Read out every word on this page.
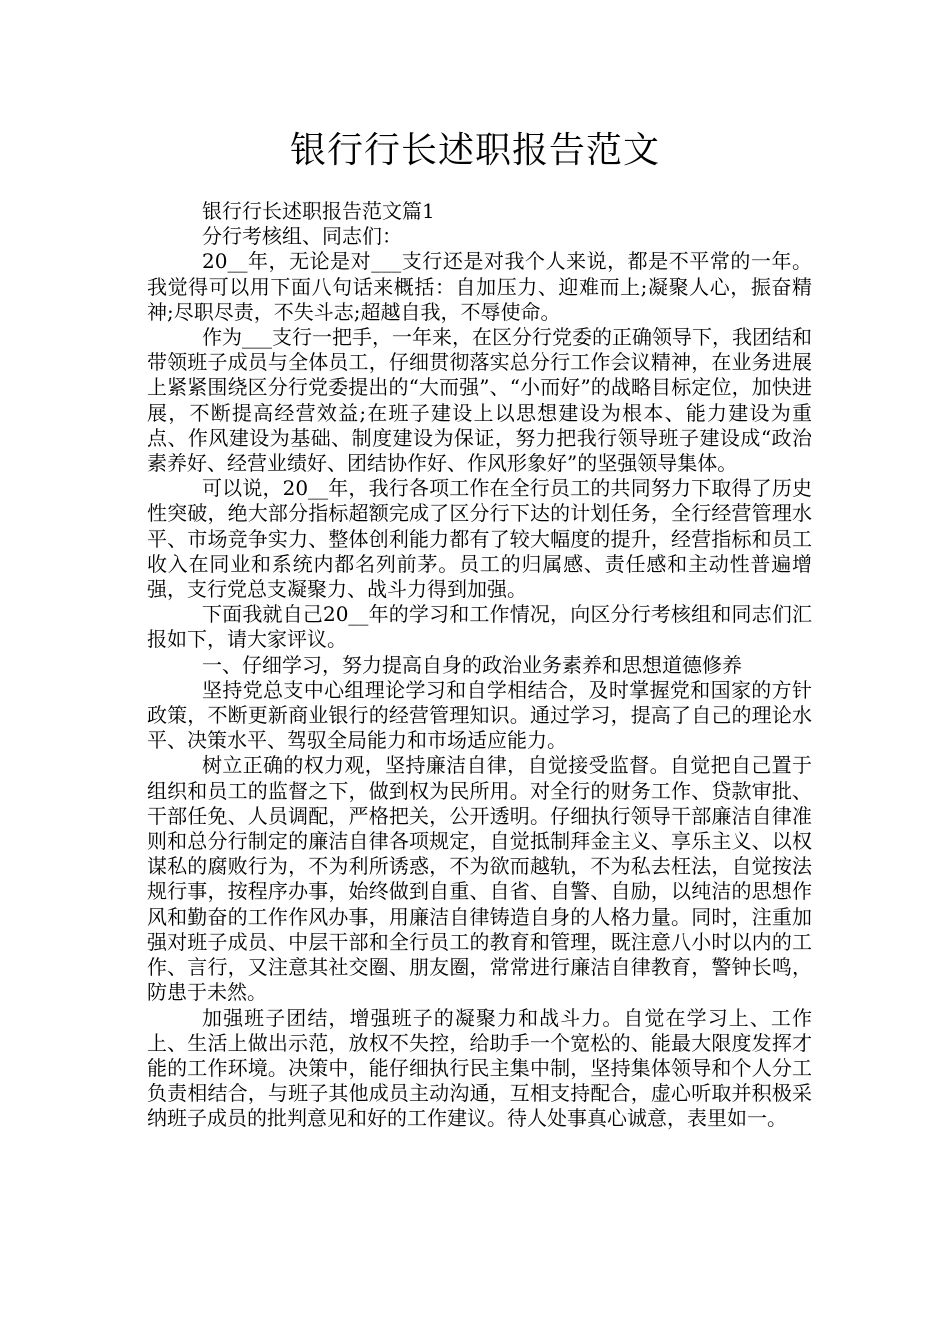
银行行长述职报告范文

银行行长述职报告范文篇1

分行考核组、同志们：

20__年，无论是对___支行还是对我个人来说，都是不平常的一年。我觉得可以用下面八句话来概括：自加压力、迎难而上;凝聚人心，振奋精神;尽职尽责，不失斗志;超越自我，不辱使命。

作为___支行一把手，一年来，在区分行党委的正确领导下，我团结和带领班子成员与全体员工，仔细贯彻落实总分行工作会议精神，在业务进展上紧紧围绕区分行党委提出的“大而强”、“小而好”的战略目标定位，加快进展，不断提高经营效益;在班子建设上以思想建设为根本、能力建设为重点、作风建设为基础、制度建设为保证，努力把我行领导班子建设成“政治素养好、经营业绩好、团结协作好、作风形象好”的坚强领导集体。

可以说，20__年，我行各项工作在全行员工的共同努力下取得了历史性突破，绝大部分指标超额完成了区分行下达的计划任务，全行经营管理水平、市场竞争实力、整体创利能力都有了较大幅度的提升，经营指标和员工收入在同业和系统内都名列前茅。员工的归属感、责任感和主动性普遍增强，支行党总支凝聚力、战斗力得到加强。

下面我就自己20__年的学习和工作情况，向区分行考核组和同志们汇报如下，请大家评议。

一、仔细学习，努力提高自身的政治业务素养和思想道德修养

坚持党总支中心组理论学习和自学相结合，及时掌握党和国家的方针政策，不断更新商业银行的经营管理知识。通过学习，提高了自己的理论水平、决策水平、驾驭全局能力和市场适应能力。

树立正确的权力观，坚持廉洁自律，自觉接受监督。自觉把自己置于组织和员工的监督之下，做到权为民所用。对全行的财务工作、贷款审批、干部任免、人员调配，严格把关，公开透明。仔细执行领导干部廉洁自律准则和总分行制定的廉洁自律各项规定，自觉抵制拜金主义、享乐主义、以权谋私的腐败行为，不为利所诱惑，不为欲而越轨，不为私去枉法，自觉按法规行事，按程序办事，始终做到自重、自省、自警、自励，以纯洁的思想作风和勤奋的工作作风办事，用廉洁自律铸造自身的人格力量。同时，注重加强对班子成员、中层干部和全行员工的教育和管理，既注意八小时以内的工作、言行，又注意其社交圈、朋友圈，常常进行廉洁自律教育，警钟长鸣，防患于未然。

加强班子团结，增强班子的凝聚力和战斗力。自觉在学习上、工作上、生活上做出示范，放权不失控，给助手一个宽松的、能最大限度发挥才能的工作环境。决策中，能仔细执行民主集中制，坚持集体领导和个人分工负责相结合，与班子其他成员主动沟通，互相支持配合，虚心听取并积极采纳班子成员的批判意见和好的工作建议。待人处事真心诚意，表里如一。
